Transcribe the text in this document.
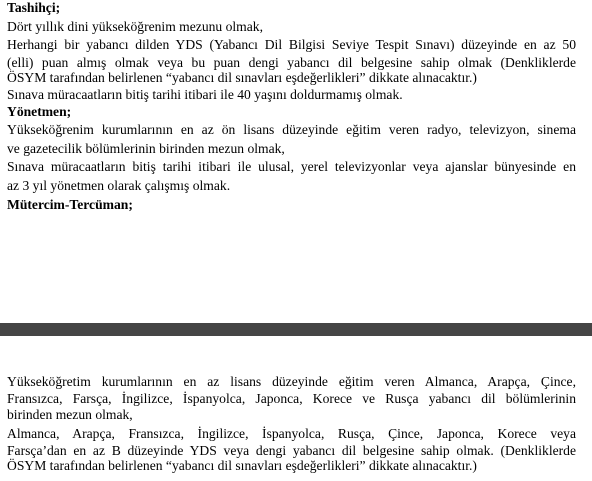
Tashihçi;

Dört yıllık dini yükseköğrenim mezunu olmak,

Herhangi bir yabancı dilden YDS (Yabancı Dil Bilgisi Seviye Tespit Sınavı) düzeyinde en az 50

(elli) puan almış olmak veya bu puan dengi yabancı dil belgesine sahip olmak (Denkliklerde

ÖSYM tarafından belirlenen “yabancı dil sınavları eşdeğerlikleri” dikkate alınacaktır.)

Sınava müracaatların bitiş tarihi itibari ile 40 yaşını doldurmamış olmak.

Yönetmen;

Yükseköğrenim kurumlarının en az ön lisans düzeyinde eğitim veren radyo, televizyon, sinema

ve gazetecilik bölümlerinin birinden mezun olmak,

Sınava müracaatların bitiş tarihi itibari ile ulusal, yerel televizyonlar veya ajanslar bünyesinde en

az 3 yıl yönetmen olarak çalışmış olmak.

Mütercim-Tercüman;

Yükseköğretim kurumlarının en az lisans düzeyinde eğitim veren Almanca, Arapça, Çince,

Fransızca, Farsça, İngilizce, İspanyolca, Japonca, Korece ve Rusça yabancı dil bölümlerinin

birinden mezun olmak,

Almanca, Arapça, Fransızca, İngilizce, İspanyolca, Rusça, Çince, Japonca, Korece veya

Farsça’dan en az B düzeyinde YDS veya dengi yabancı dil belgesine sahip olmak. (Denkliklerde

ÖSYM tarafından belirlenen “yabancı dil sınavları eşdeğerlikleri” dikkate alınacaktır.)
